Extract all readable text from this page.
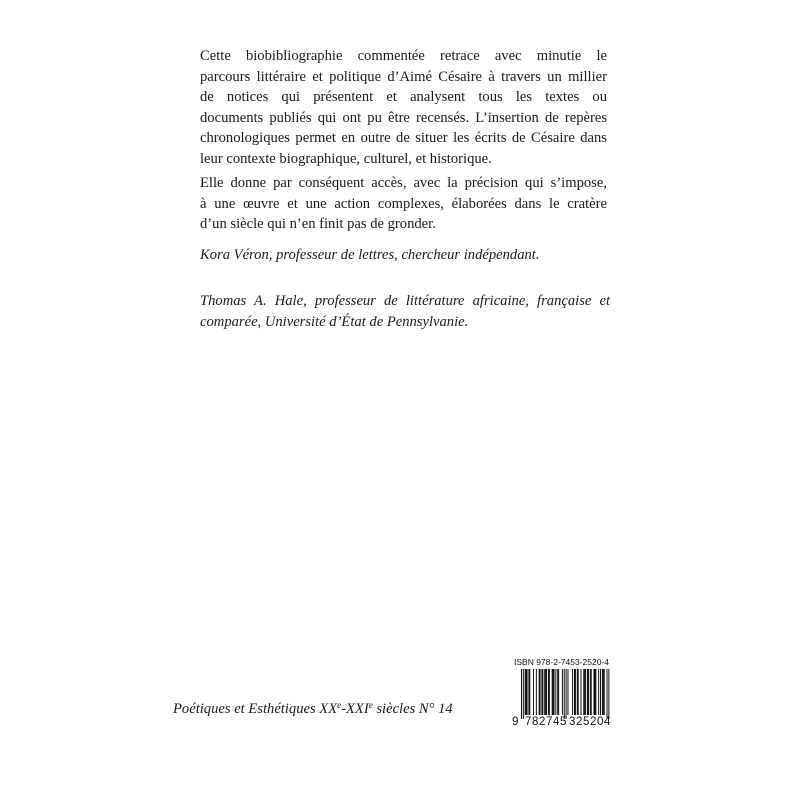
Cette biobibliographie commentée retrace avec minutie le
parcours littéraire et politique d’Aimé Césaire à travers un millier
de notices qui présentent et analysent tous les textes ou
documents publiés qui ont pu être recensés. L’insertion de repères
chronologiques permet en outre de situer les écrits de Césaire dans
leur contexte biographique, culturel, et historique.

Elle donne par conséquent accès, avec la précision qui s’impose,
à une œuvre et une action complexes, élaborées dans le cratère
d’un siècle qui n’en finit pas de gronder.

Kora Véron, professeur de lettres, chercheur indépendant.

Thomas A. Hale, professeur de littérature africaine, française et
comparée, Université d’État de Pennsylvanie.

Poétiques et Esthétiques XXe-XXIe siècles N° 14

ISBN 978-2-7453-2520-4
9 782745 325204
